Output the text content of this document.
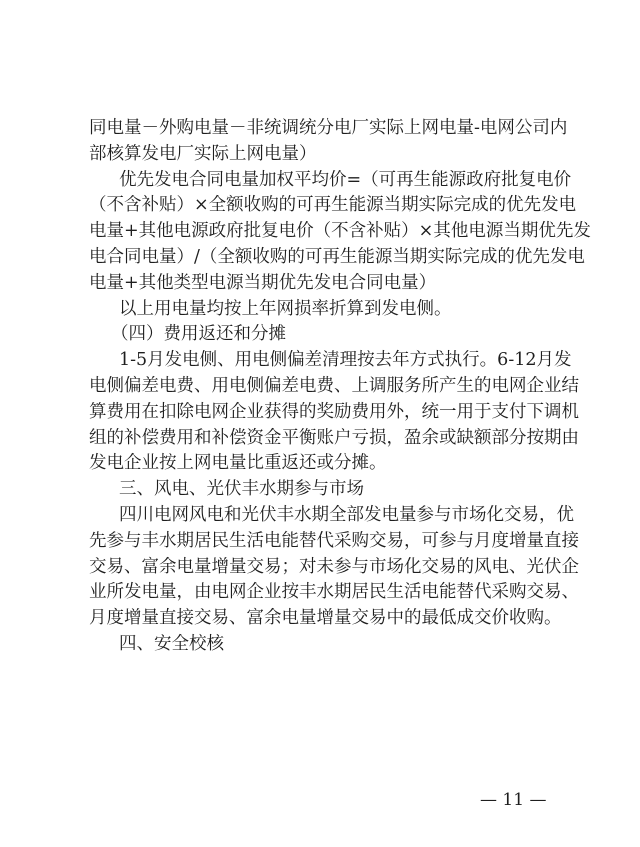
同电量－外购电量－非统调统分电厂实际上网电量-电网公司内
部核算发电厂实际上网电量）
优先发电合同电量加权平均价=（可再生能源政府批复电价
（不含补贴）×全额收购的可再生能源当期实际完成的优先发电
电量+其他电源政府批复电价（不含补贴）×其他电源当期优先发
电合同电量）/（全额收购的可再生能源当期实际完成的优先发电
电量+其他类型电源当期优先发电合同电量）
以上用电量均按上年网损率折算到发电侧。
（四）费用返还和分摊
1-5月发电侧、用电侧偏差清理按去年方式执行。6-12月发
电侧偏差电费、用电侧偏差电费、上调服务所产生的电网企业结
算费用在扣除电网企业获得的奖励费用外，统一用于支付下调机
组的补偿费用和补偿资金平衡账户亏损，盈余或缺额部分按期由
发电企业按上网电量比重返还或分摊。
三、风电、光伏丰水期参与市场
四川电网风电和光伏丰水期全部发电量参与市场化交易，优
先参与丰水期居民生活电能替代采购交易，可参与月度增量直接
交易、富余电量增量交易；对未参与市场化交易的风电、光伏企
业所发电量，由电网企业按丰水期居民生活电能替代采购交易、
月度增量直接交易、富余电量增量交易中的最低成交价收购。
四、安全校核
— 11 —
